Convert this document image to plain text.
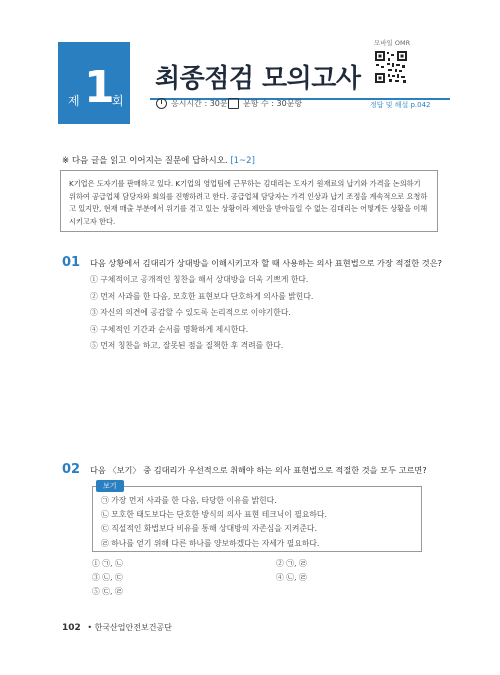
제 1
회
최종점검 모의고사
응시시간 : 30분 문항 수 : 30문항
모바일 OMR
정답 및 해설 p.042
※ 다음 글을 읽고 이어지는 질문에 답하시오. [1~2]
K기업은 도자기를 판매하고 있다. K기업의 영업팀에 근무하는 김대리는 도자기 원재료의 납기와 가격을 논의하기 위하여 공급업체 담당자와 회의를 진행하려고 한다. 공급업체 담당자는 가격 인상과 납기 조정을 계속적으로 요청하고 있지만, 현재 매출 부분에서 위기를 겪고 있는 상황이라 제안을 받아들일 수 없는 김대리는 어떻게든 상황을 이해시키고자 한다.
01 다음 상황에서 김대리가 상대방을 이해시키고자 할 때 사용하는 의사 표현법으로 가장 적절한 것은?
① 구체적이고 공개적인 칭찬을 해서 상대방을 더욱 기쁘게 한다.
② 먼저 사과를 한 다음, 모호한 표현보다 단호하게 의사를 밝힌다.
③ 자신의 의견에 공감할 수 있도록 논리적으로 이야기한다.
④ 구체적인 기간과 순서를 명확하게 제시한다.
⑤ 먼저 칭찬을 하고, 잘못된 점을 질책한 후 격려를 한다.
02 다음 〈보기〉 중 김대리가 우선적으로 취해야 하는 의사 표현법으로 적절한 것을 모두 고르면?
㉠ 가장 먼저 사과를 한 다음, 타당한 이유를 밝힌다.
㉡ 모호한 태도보다는 단호한 방식의 의사 표현 테크닉이 필요하다.
㉢ 직설적인 화법보다 비유를 통해 상대방의 자존심을 지켜준다.
㉣ 하나를 얻기 위해 다른 하나를 양보하겠다는 자세가 필요하다.
보기
① ㉠, ㉡
③ ㉡, ㉢
⑤ ㉢, ㉣
② ㉠, ㉣
④ ㉡, ㉣
102 • 한국산업안전보건공단
